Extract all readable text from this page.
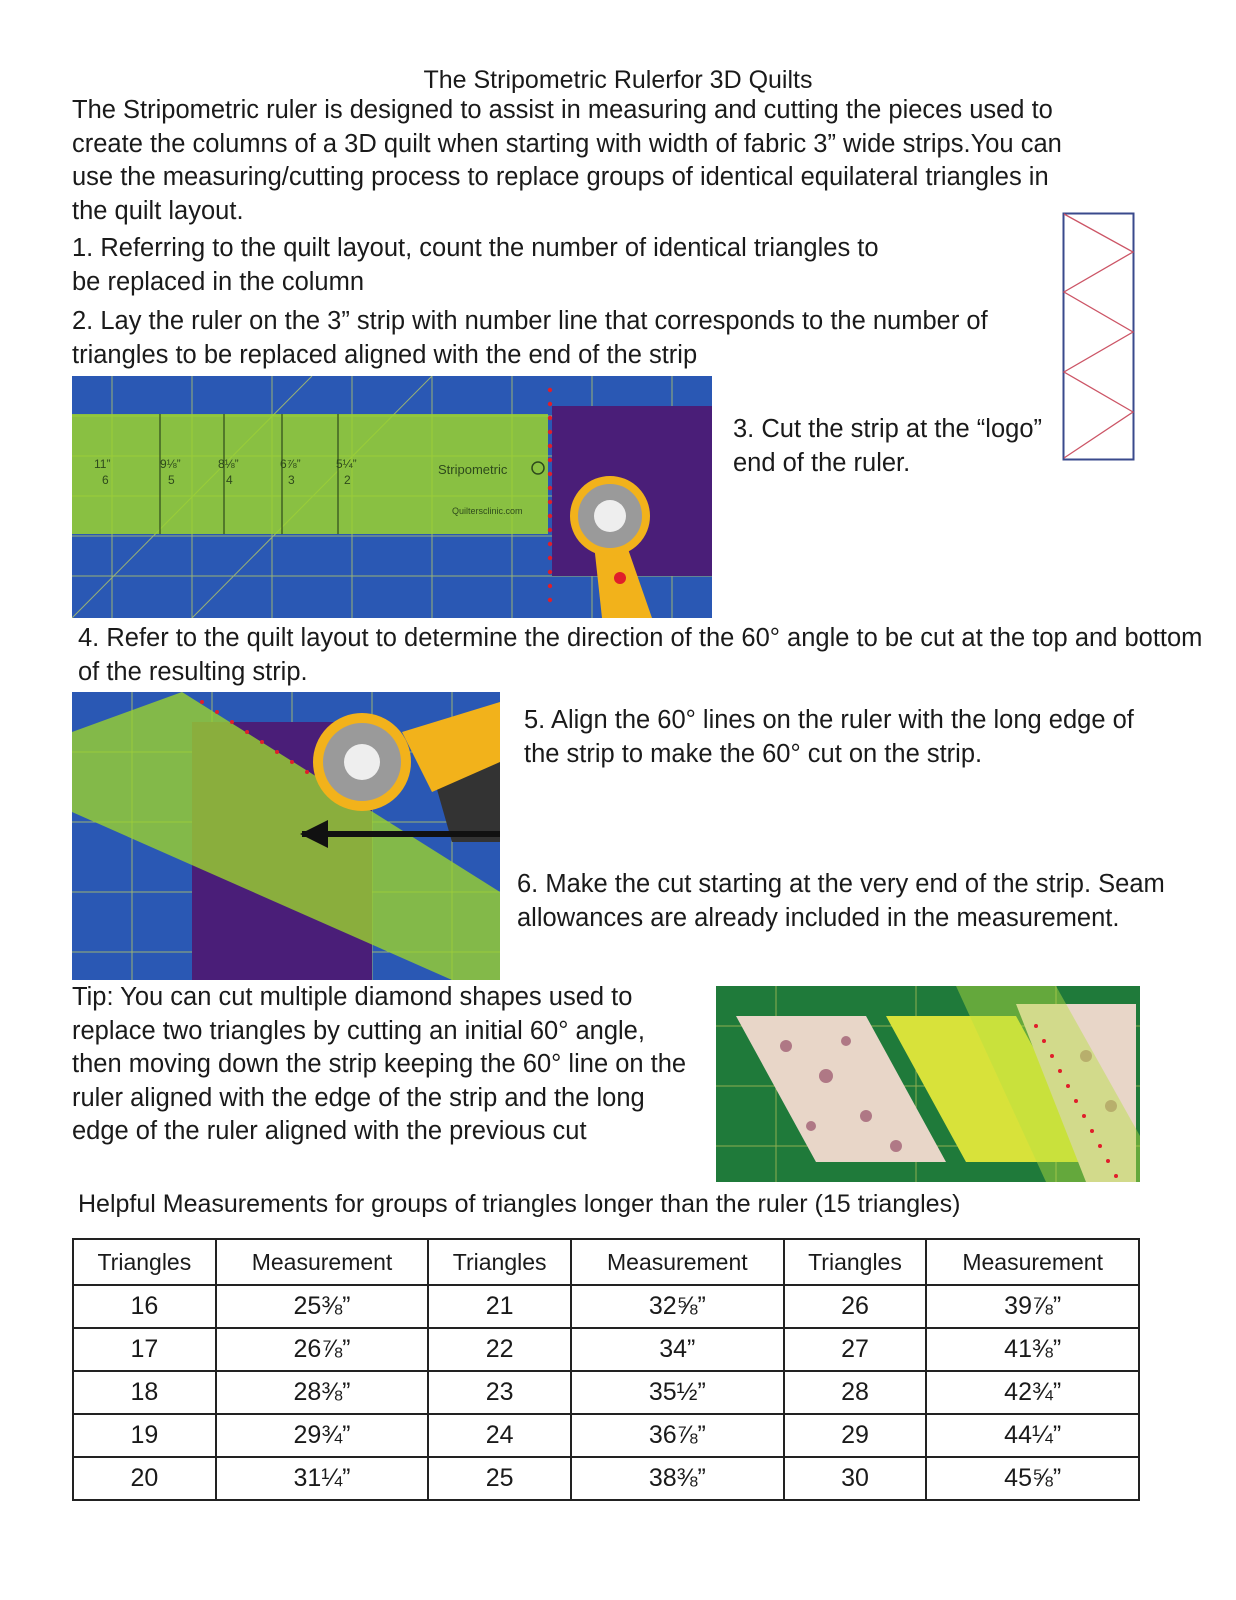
The Stripometric Rulerfor 3D Quilts

The Stripometric ruler is designed to assist in measuring and cutting the pieces used to create the columns of a 3D quilt when starting with width of fabric 3” wide strips.You can use the measuring/cutting process to replace groups of identical equilateral triangles in the quilt layout.

1. Referring to the quilt layout, count the number of identical triangles to be replaced in the column

2. Lay the ruler on the 3” strip with number line that corresponds to the number of triangles to be replaced aligned with the end of the strip

11”
6
9⅛”
5
8⅛”
4
6⅞”
3
5¼”
2
Stripometric
Quiltersclinic.com

3. Cut the strip at the “logo” end of the ruler.

4. Refer to the quilt layout to determine the direction of the 60° angle to be cut at the top and bottom of the resulting strip.

5. Align the 60° lines on the ruler with the long edge of the strip to make the 60° cut on the strip.

6. Make the cut starting at the very end of the strip. Seam allowances are already included in the measurement.

Tip: You can cut multiple diamond shapes used to replace two triangles by cutting an initial 60° angle, then moving down the strip keeping the 60° line on the ruler aligned with the edge of the strip and the long edge of the ruler aligned with the previous cut

Helpful Measurements for groups of triangles longer than the ruler (15 triangles)
Triangles	Measurement	Triangles	Measurement	Triangles	Measurement
16	25⅜”	21	32⅝”	26	39⅞”
17	26⅞”	22	34”	27	41⅜”
18	28⅜”	23	35½”	28	42¾”
19	29¾”	24	36⅞”	29	44¼”
20	31¼”	25	38⅜”	30	45⅝”
